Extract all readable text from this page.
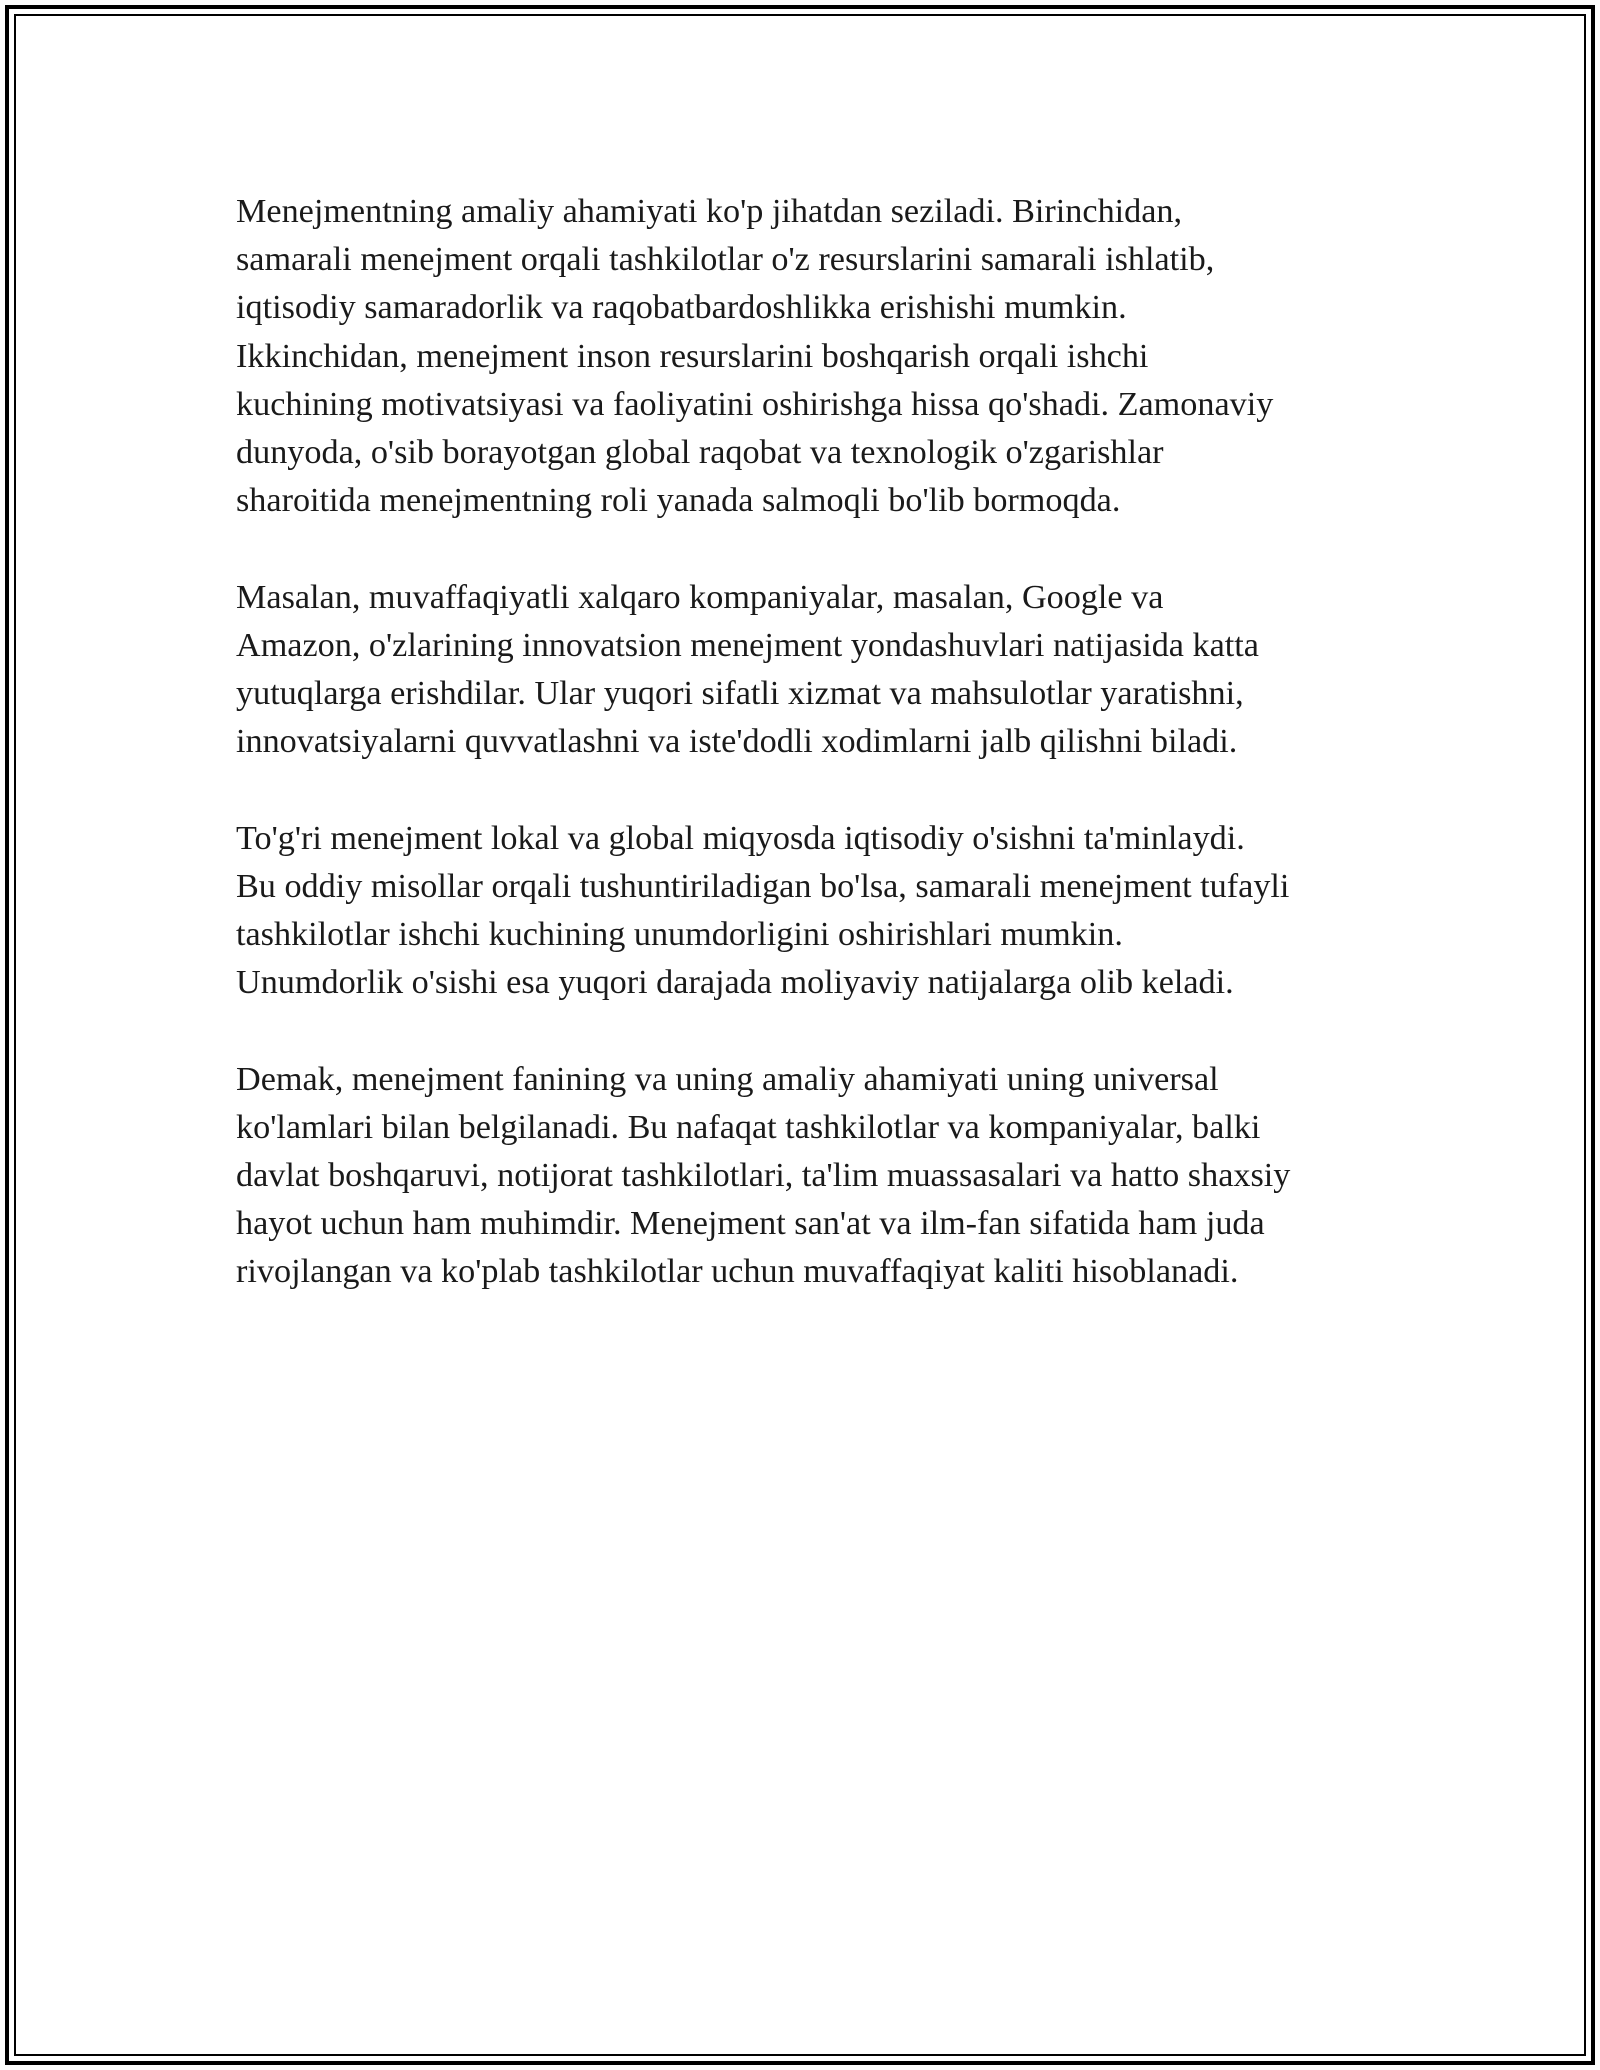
Menejmentning amaliy ahamiyati ko'p jihatdan seziladi. Birinchidan,
samarali menejment orqali tashkilotlar o'z resurslarini samarali ishlatib,
iqtisodiy samaradorlik va raqobatbardoshlikka erishishi mumkin.
Ikkinchidan, menejment inson resurslarini boshqarish orqali ishchi
kuchining motivatsiyasi va faoliyatini oshirishga hissa qo'shadi. Zamonaviy
dunyoda, o'sib borayotgan global raqobat va texnologik o'zgarishlar
sharoitida menejmentning roli yanada salmoqli bo'lib bormoqda.

Masalan, muvaffaqiyatli xalqaro kompaniyalar, masalan, Google va
Amazon, o'zlarining innovatsion menejment yondashuvlari natijasida katta
yutuqlarga erishdilar. Ular yuqori sifatli xizmat va mahsulotlar yaratishni,
innovatsiyalarni quvvatlashni va iste'dodli xodimlarni jalb qilishni biladi.

To'g'ri menejment lokal va global miqyosda iqtisodiy o'sishni ta'minlaydi.
Bu oddiy misollar orqali tushuntiriladigan bo'lsa, samarali menejment tufayli
tashkilotlar ishchi kuchining unumdorligini oshirishlari mumkin.
Unumdorlik o'sishi esa yuqori darajada moliyaviy natijalarga olib keladi.

Demak, menejment fanining va uning amaliy ahamiyati uning universal
ko'lamlari bilan belgilanadi. Bu nafaqat tashkilotlar va kompaniyalar, balki
davlat boshqaruvi, notijorat tashkilotlari, ta'lim muassasalari va hatto shaxsiy
hayot uchun ham muhimdir. Menejment san'at va ilm-fan sifatida ham juda
rivojlangan va ko'plab tashkilotlar uchun muvaffaqiyat kaliti hisoblanadi.
